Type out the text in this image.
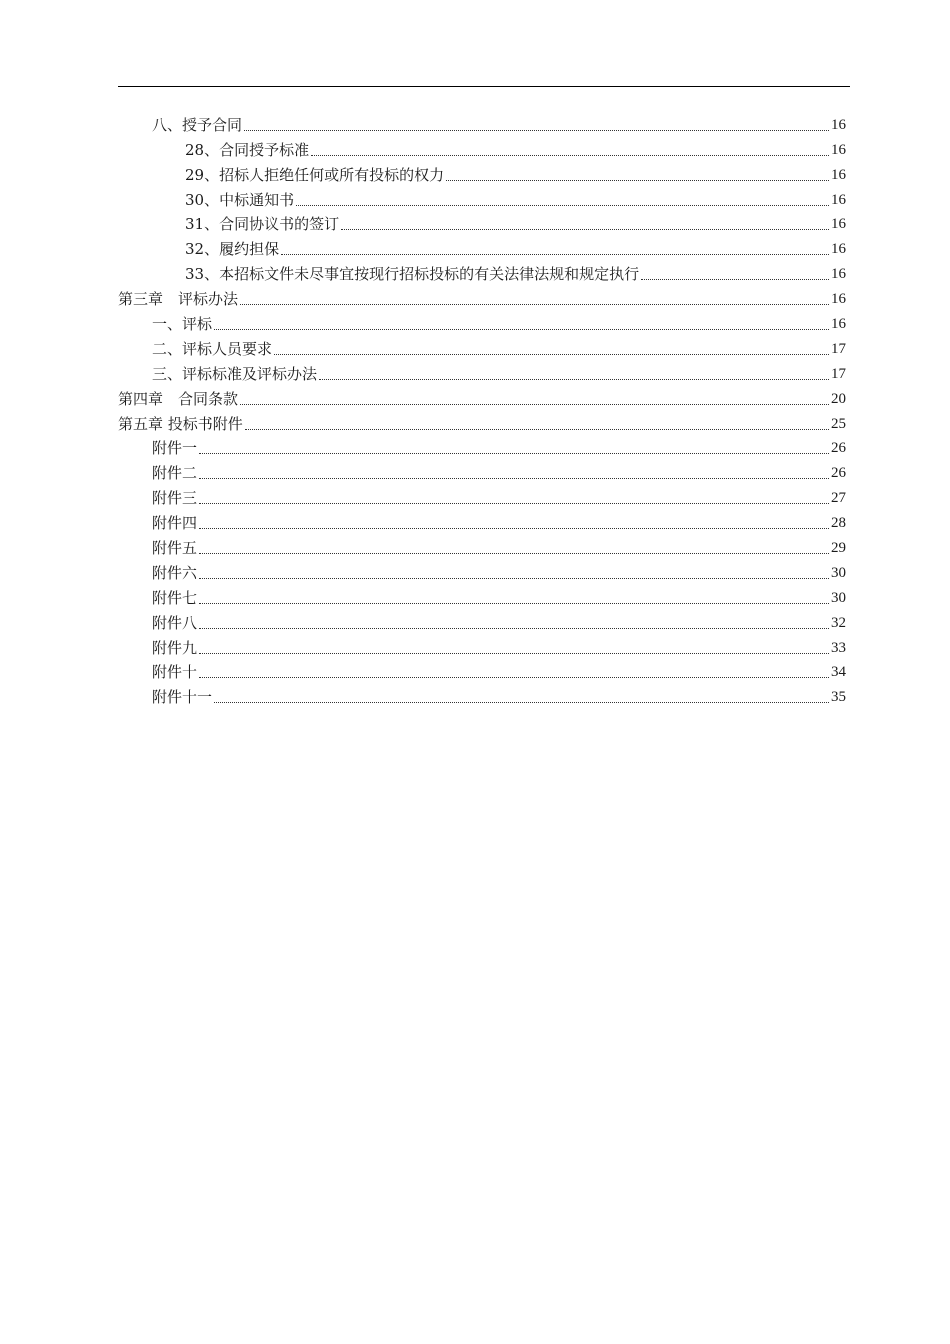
八、授予合同	16
28、合同授予标准	16
29、招标人拒绝任何或所有投标的权力	16
30、中标通知书	16
31、合同协议书的签订	16
32、履约担保	16
33、本招标文件未尽事宜按现行招标投标的有关法律法规和规定执行	16
第三章　评标办法	16
一、评标	16
二、评标人员要求	17
三、评标标准及评标办法	17
第四章　合同条款	20
第五章 投标书附件	25
附件一	26
附件二	26
附件三	27
附件四	28
附件五	29
附件六	30
附件七	30
附件八	32
附件九	33
附件十	34
附件十一	35
